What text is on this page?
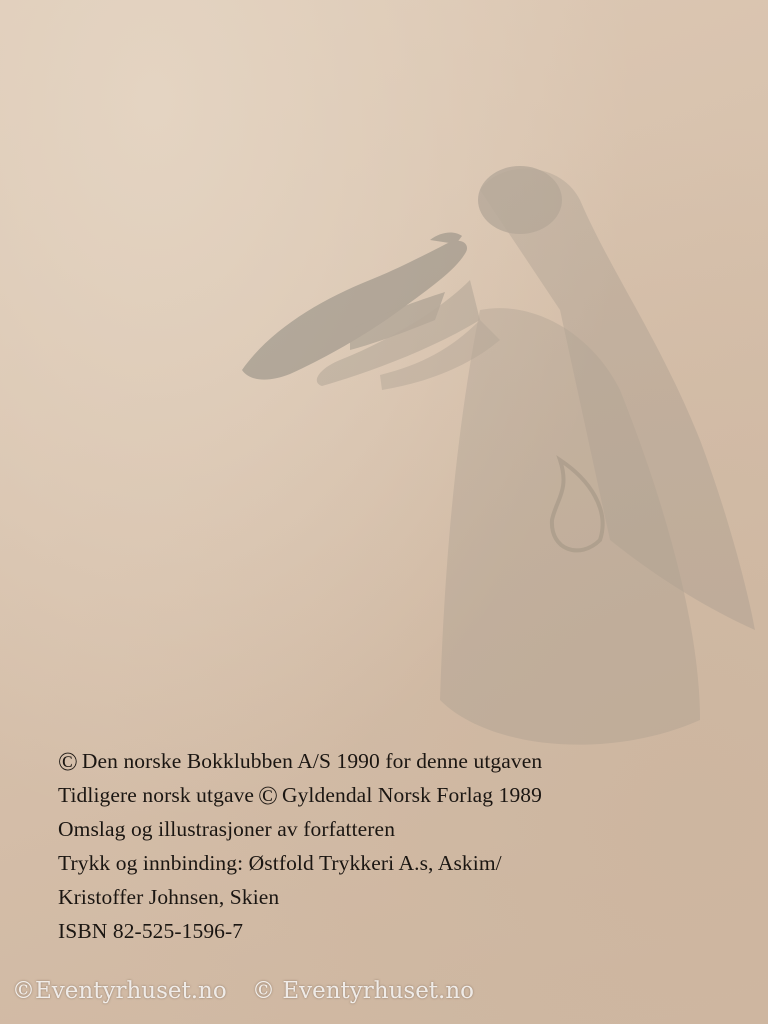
© Den norske Bokklubben A/S 1990 for denne utgaven
Tidligere norsk utgave © Gyldendal Norsk Forlag 1989
Omslag og illustrasjoner av forfatteren
Trykk og innbinding: Østfold Trykkeri A.s, Askim/
Kristoffer Johnsen, Skien
ISBN 82-525-1596-7
©Eventyrhuset.no © Eventyrhuset.no
